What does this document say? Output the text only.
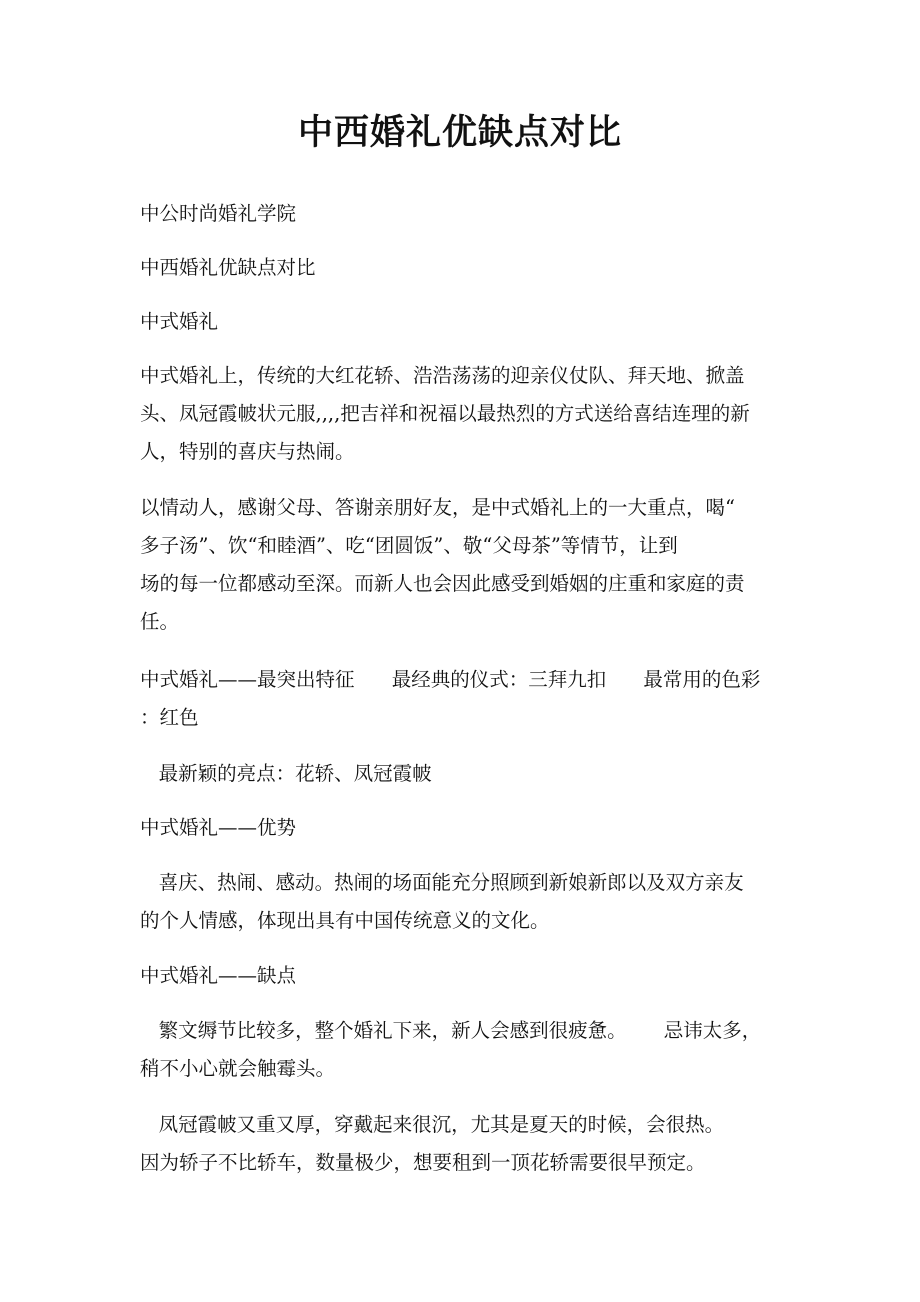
中西婚礼优缺点对比
中公时尚婚礼学院
中西婚礼优缺点对比
中式婚礼
中式婚礼上，传统的大红花轿、浩浩荡荡的迎亲仪仗队、拜天地、掀盖
头、凤冠霞帔状元服,,,,把吉祥和祝福以最热烈的方式送给喜结连理的新
人，特别的喜庆与热闹。
以情动人，感谢父母、答谢亲朋好友，是中式婚礼上的一大重点，喝“
多子汤”、饮“和睦酒”、吃“团圆饭”、敬“父母茶”等情节，让到
场的每一位都感动至深。而新人也会因此感受到婚姻的庄重和家庭的责
任。
中式婚礼——最突出特征      最经典的仪式：三拜九扣      最常用的色彩
：红色
最新颖的亮点：花轿、凤冠霞帔
中式婚礼——优势
喜庆、热闹、感动。热闹的场面能充分照顾到新娘新郎以及双方亲友
的个人情感，体现出具有中国传统意义的文化。
中式婚礼——缺点
繁文缛节比较多，整个婚礼下来，新人会感到很疲惫。      忌讳太多，
稍不小心就会触霉头。
凤冠霞帔又重又厚，穿戴起来很沉，尤其是夏天的时候，会很热。
因为轿子不比轿车，数量极少，想要租到一顶花轿需要很早预定。
